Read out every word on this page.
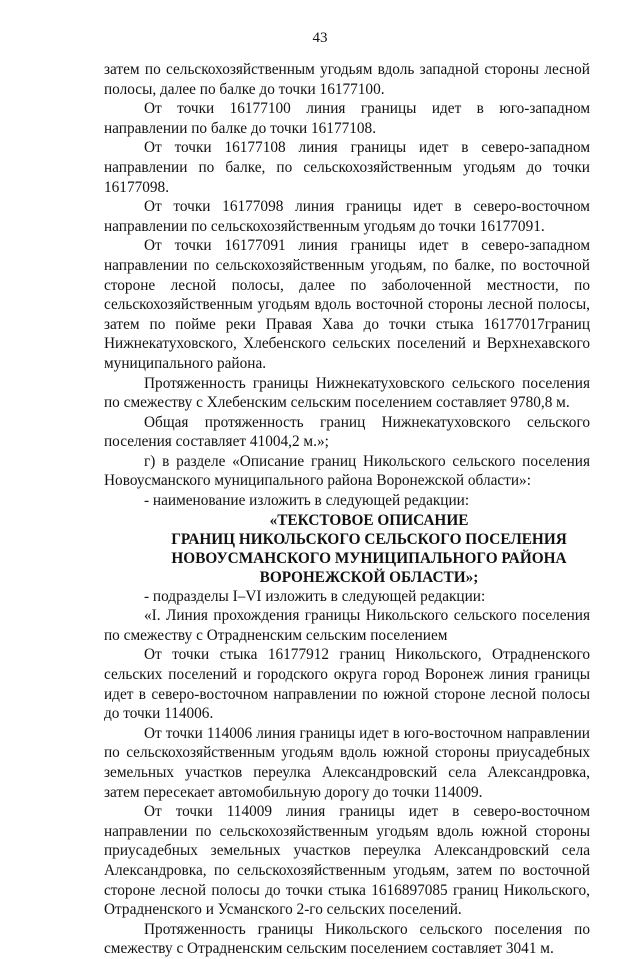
43

затем по сельскохозяйственным угодьям вдоль западной стороны лесной полосы, далее по балке до точки 16177100.

От точки 16177100 линия границы идет в юго-западном направлении по балке до точки 16177108.

От точки 16177108 линия границы идет в северо-западном направлении по балке, по сельскохозяйственным угодьям до точки 16177098.

От точки 16177098 линия границы идет в северо-восточном направлении по сельскохозяйственным угодьям до точки 16177091.

От точки 16177091 линия границы идет в северо-западном направлении по сельскохозяйственным угодьям, по балке, по восточной стороне лесной полосы, далее по заболоченной местности, по сельскохозяйственным угодьям вдоль восточной стороны лесной полосы, затем по пойме реки Правая Хава до точки стыка 16177017границ Нижнекатуховского, Хлебенского сельских поселений и Верхнехавского муниципального района.

Протяженность границы Нижнекатуховского сельского поселения по смежеству с Хлебенским сельским поселением составляет 9780,8 м.

Общая протяженность границ Нижнекатуховского сельского поселения составляет 41004,2 м.»;

г) в разделе «Описание границ Никольского сельского поселения Новоусманского муниципального района Воронежской области»:

- наименование изложить в следующей редакции:

«ТЕКСТОВОЕ ОПИСАНИЕ

ГРАНИЦ НИКОЛЬСКОГО СЕЛЬСКОГО ПОСЕЛЕНИЯ

НОВОУСМАНСКОГО МУНИЦИПАЛЬНОГО РАЙОНА

ВОРОНЕЖСКОЙ ОБЛАСТИ»;

- подразделы I–VI изложить в следующей редакции:

«I. Линия прохождения границы Никольского сельского поселения по смежеству с Отрадненским сельским поселением

От точки стыка 16177912 границ Никольского, Отрадненского сельских поселений и городского округа город Воронеж линия границы идет в северо-восточном направлении по южной стороне лесной полосы до точки 114006.

От точки 114006 линия границы идет в юго-восточном направлении по сельскохозяйственным угодьям вдоль южной стороны приусадебных земельных участков переулка Александровский села Александровка, затем пересекает автомобильную дорогу до точки 114009.

От точки 114009 линия границы идет в северо-восточном направлении по сельскохозяйственным угодьям вдоль южной стороны приусадебных земельных участков переулка Александровский села Александровка, по сельскохозяйственным угодьям, затем по восточной стороне лесной полосы до точки стыка 1616897085 границ Никольского, Отрадненского и Усманского 2-го сельских поселений.

Протяженность границы Никольского сельского поселения по смежеству с Отрадненским сельским поселением составляет 3041 м.
